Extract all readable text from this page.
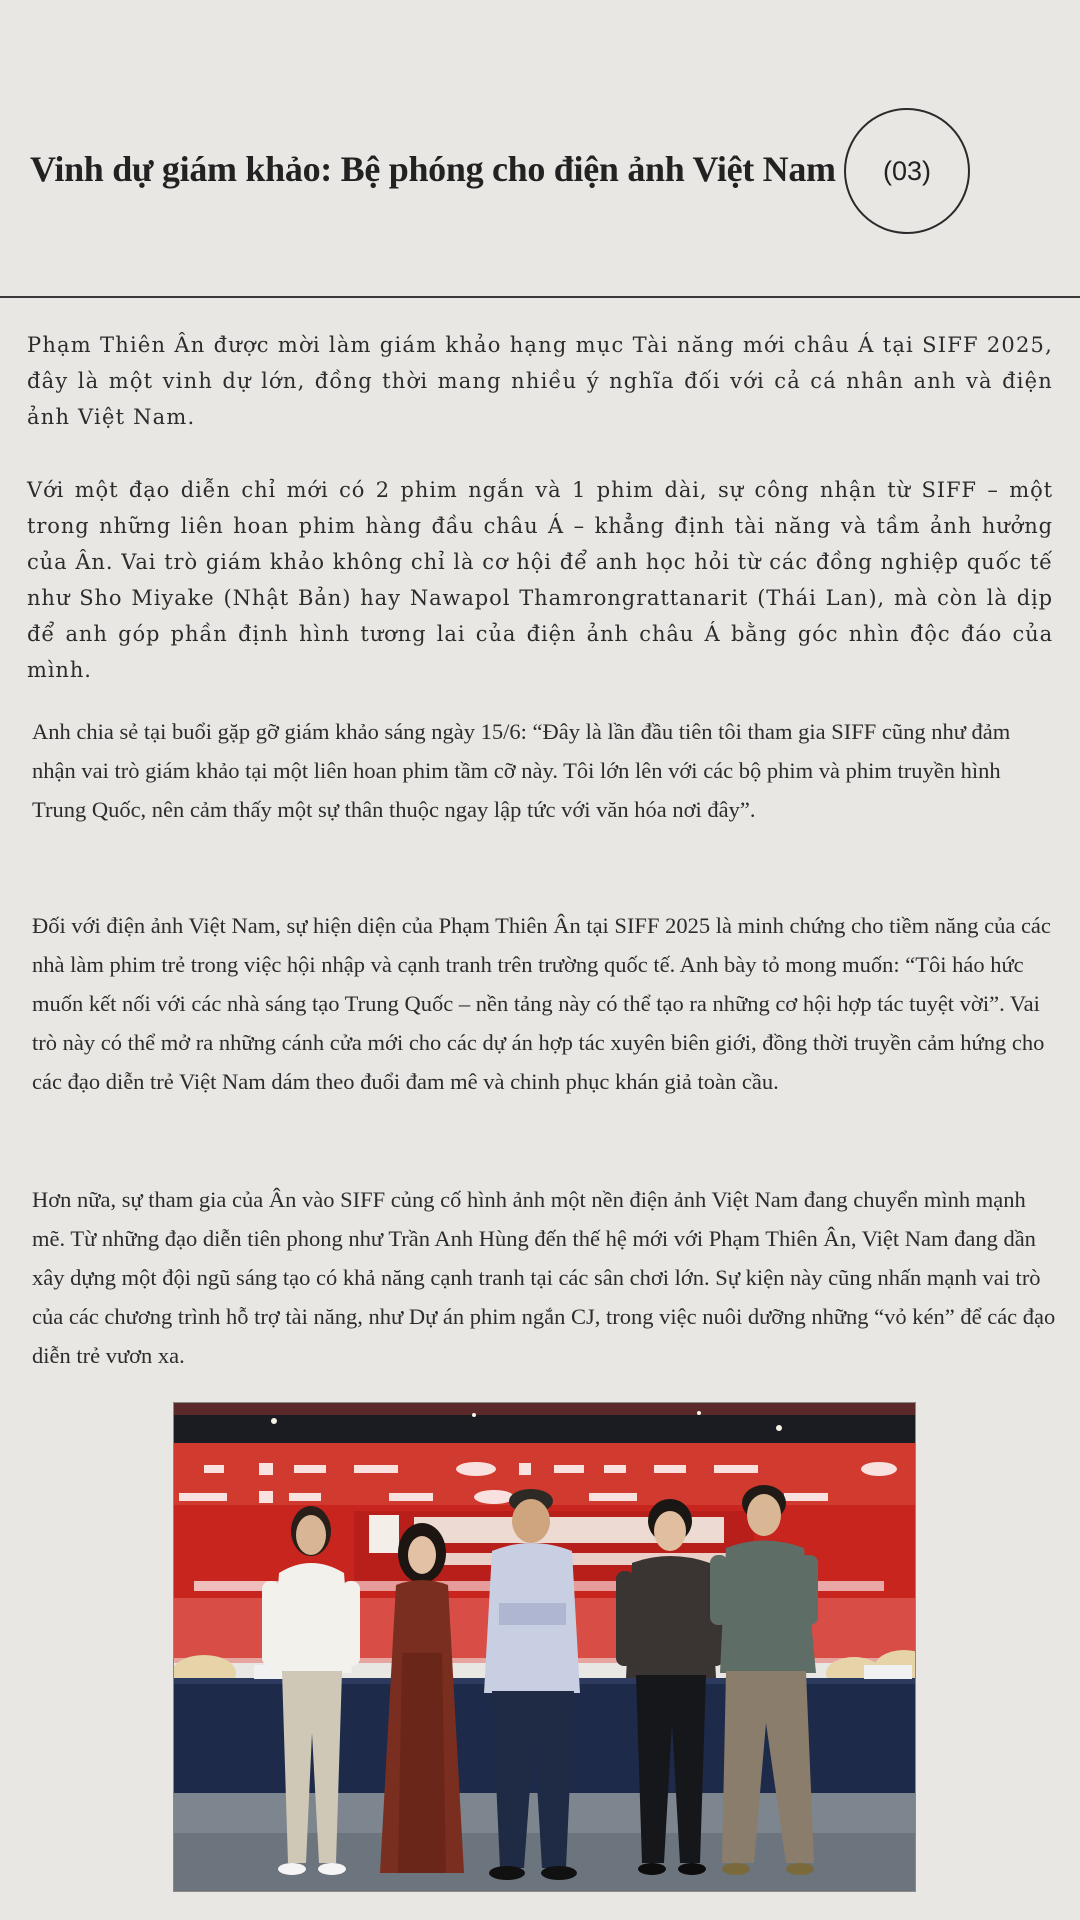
Vinh dự giám khảo: Bệ phóng cho điện ảnh Việt Nam	(03)

Phạm Thiên Ân được mời làm giám khảo hạng mục Tài năng mới châu Á tại SIFF 2025, đây là một vinh dự lớn, đồng thời mang nhiều ý nghĩa đối với cả cá nhân anh và điện ảnh Việt Nam.

Với một đạo diễn chỉ mới có 2 phim ngắn và 1 phim dài, sự công nhận từ SIFF – một trong những liên hoan phim hàng đầu châu Á – khẳng định tài năng và tầm ảnh hưởng của Ân. Vai trò giám khảo không chỉ là cơ hội để anh học hỏi từ các đồng nghiệp quốc tế như Sho Miyake (Nhật Bản) hay Nawapol Thamrongrattanarit (Thái Lan), mà còn là dịp để anh góp phần định hình tương lai của điện ảnh châu Á bằng góc nhìn độc đáo của mình.

Anh chia sẻ tại buổi gặp gỡ giám khảo sáng ngày 15/6: “Đây là lần đầu tiên tôi tham gia SIFF cũng như đảm nhận vai trò giám khảo tại một liên hoan phim tầm cỡ này. Tôi lớn lên với các bộ phim và phim truyền hình Trung Quốc, nên cảm thấy một sự thân thuộc ngay lập tức với văn hóa nơi đây”.

Đối với điện ảnh Việt Nam, sự hiện diện của Phạm Thiên Ân tại SIFF 2025 là minh chứng cho tiềm năng của các nhà làm phim trẻ trong việc hội nhập và cạnh tranh trên trường quốc tế. Anh bày tỏ mong muốn: “Tôi háo hức muốn kết nối với các nhà sáng tạo Trung Quốc – nền tảng này có thể tạo ra những cơ hội hợp tác tuyệt vời”. Vai trò này có thể mở ra những cánh cửa mới cho các dự án hợp tác xuyên biên giới, đồng thời truyền cảm hứng cho các đạo diễn trẻ Việt Nam dám theo đuổi đam mê và chinh phục khán giả toàn cầu.

Hơn nữa, sự tham gia của Ân vào SIFF củng cố hình ảnh một nền điện ảnh Việt Nam đang chuyển mình mạnh mẽ. Từ những đạo diễn tiên phong như Trần Anh Hùng đến thế hệ mới với Phạm Thiên Ân, Việt Nam đang dần xây dựng một đội ngũ sáng tạo có khả năng cạnh tranh tại các sân chơi lớn. Sự kiện này cũng nhấn mạnh vai trò của các chương trình hỗ trợ tài năng, như Dự án phim ngắn CJ, trong việc nuôi dưỡng những “vỏ kén” để các đạo diễn trẻ vươn xa.
